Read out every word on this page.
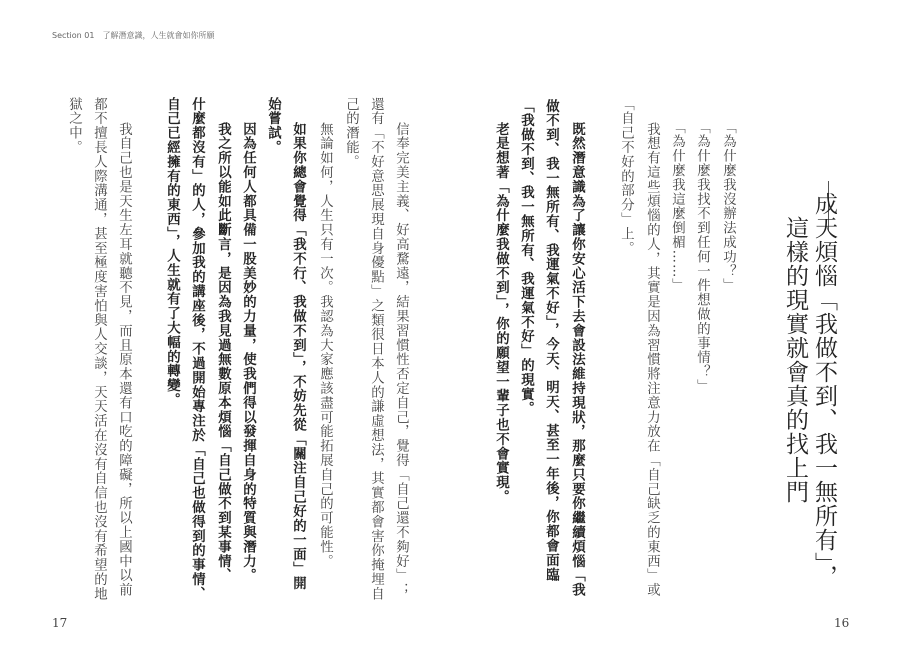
Section 01　了解潛意識，人生就會如你所願
成天煩惱「我做不到、我一無所有」，
這樣的現實就會真的找上門
「為什麼我沒辦法成功？」
「為什麼我找不到任何一件想做的事情？」
「為什麼我這麼倒楣……」
我想有這些煩惱的人，其實是因為習慣將注意力放在「自己缺乏的東西」或
「自己不好的部分」上。
既然潛意識為了讓你安心活下去會設法維持現狀，那麼只要你繼續煩惱「我
做不到、我一無所有、我運氣不好」，今天、明天、甚至一年後，你都會面臨
「我做不到、我一無所有、我運氣不好」的現實。
老是想著「為什麼我做不到」，你的願望一輩子也不會實現。
信奉完美主義、好高騖遠，結果習慣性否定自己，覺得「自己還不夠好」；
還有「不好意思展現自身優點」之類很日本人的謙虛想法，其實都會害你掩埋自
己的潛能。
無論如何，人生只有一次。我認為大家應該盡可能拓展自己的可能性。
如果你總會覺得「我不行、我做不到」，不妨先從「關注自己好的一面」開
始嘗試。
因為任何人都具備一股美妙的力量，使我們得以發揮自身的特質與潛力。
我之所以能如此斷言，是因為我見過無數原本煩惱「自己做不到某事情、
什麼都沒有」的人，參加我的講座後，不過開始專注於「自己也做得到的事情、
自己已經擁有的東西」，人生就有了大幅的轉變。
我自己也是天生左耳就聽不見，而且原本還有口吃的障礙，所以上國中以前
都不擅長人際溝通，甚至極度害怕與人交談，天天活在沒有自信也沒有希望的地
獄之中。
17	16
